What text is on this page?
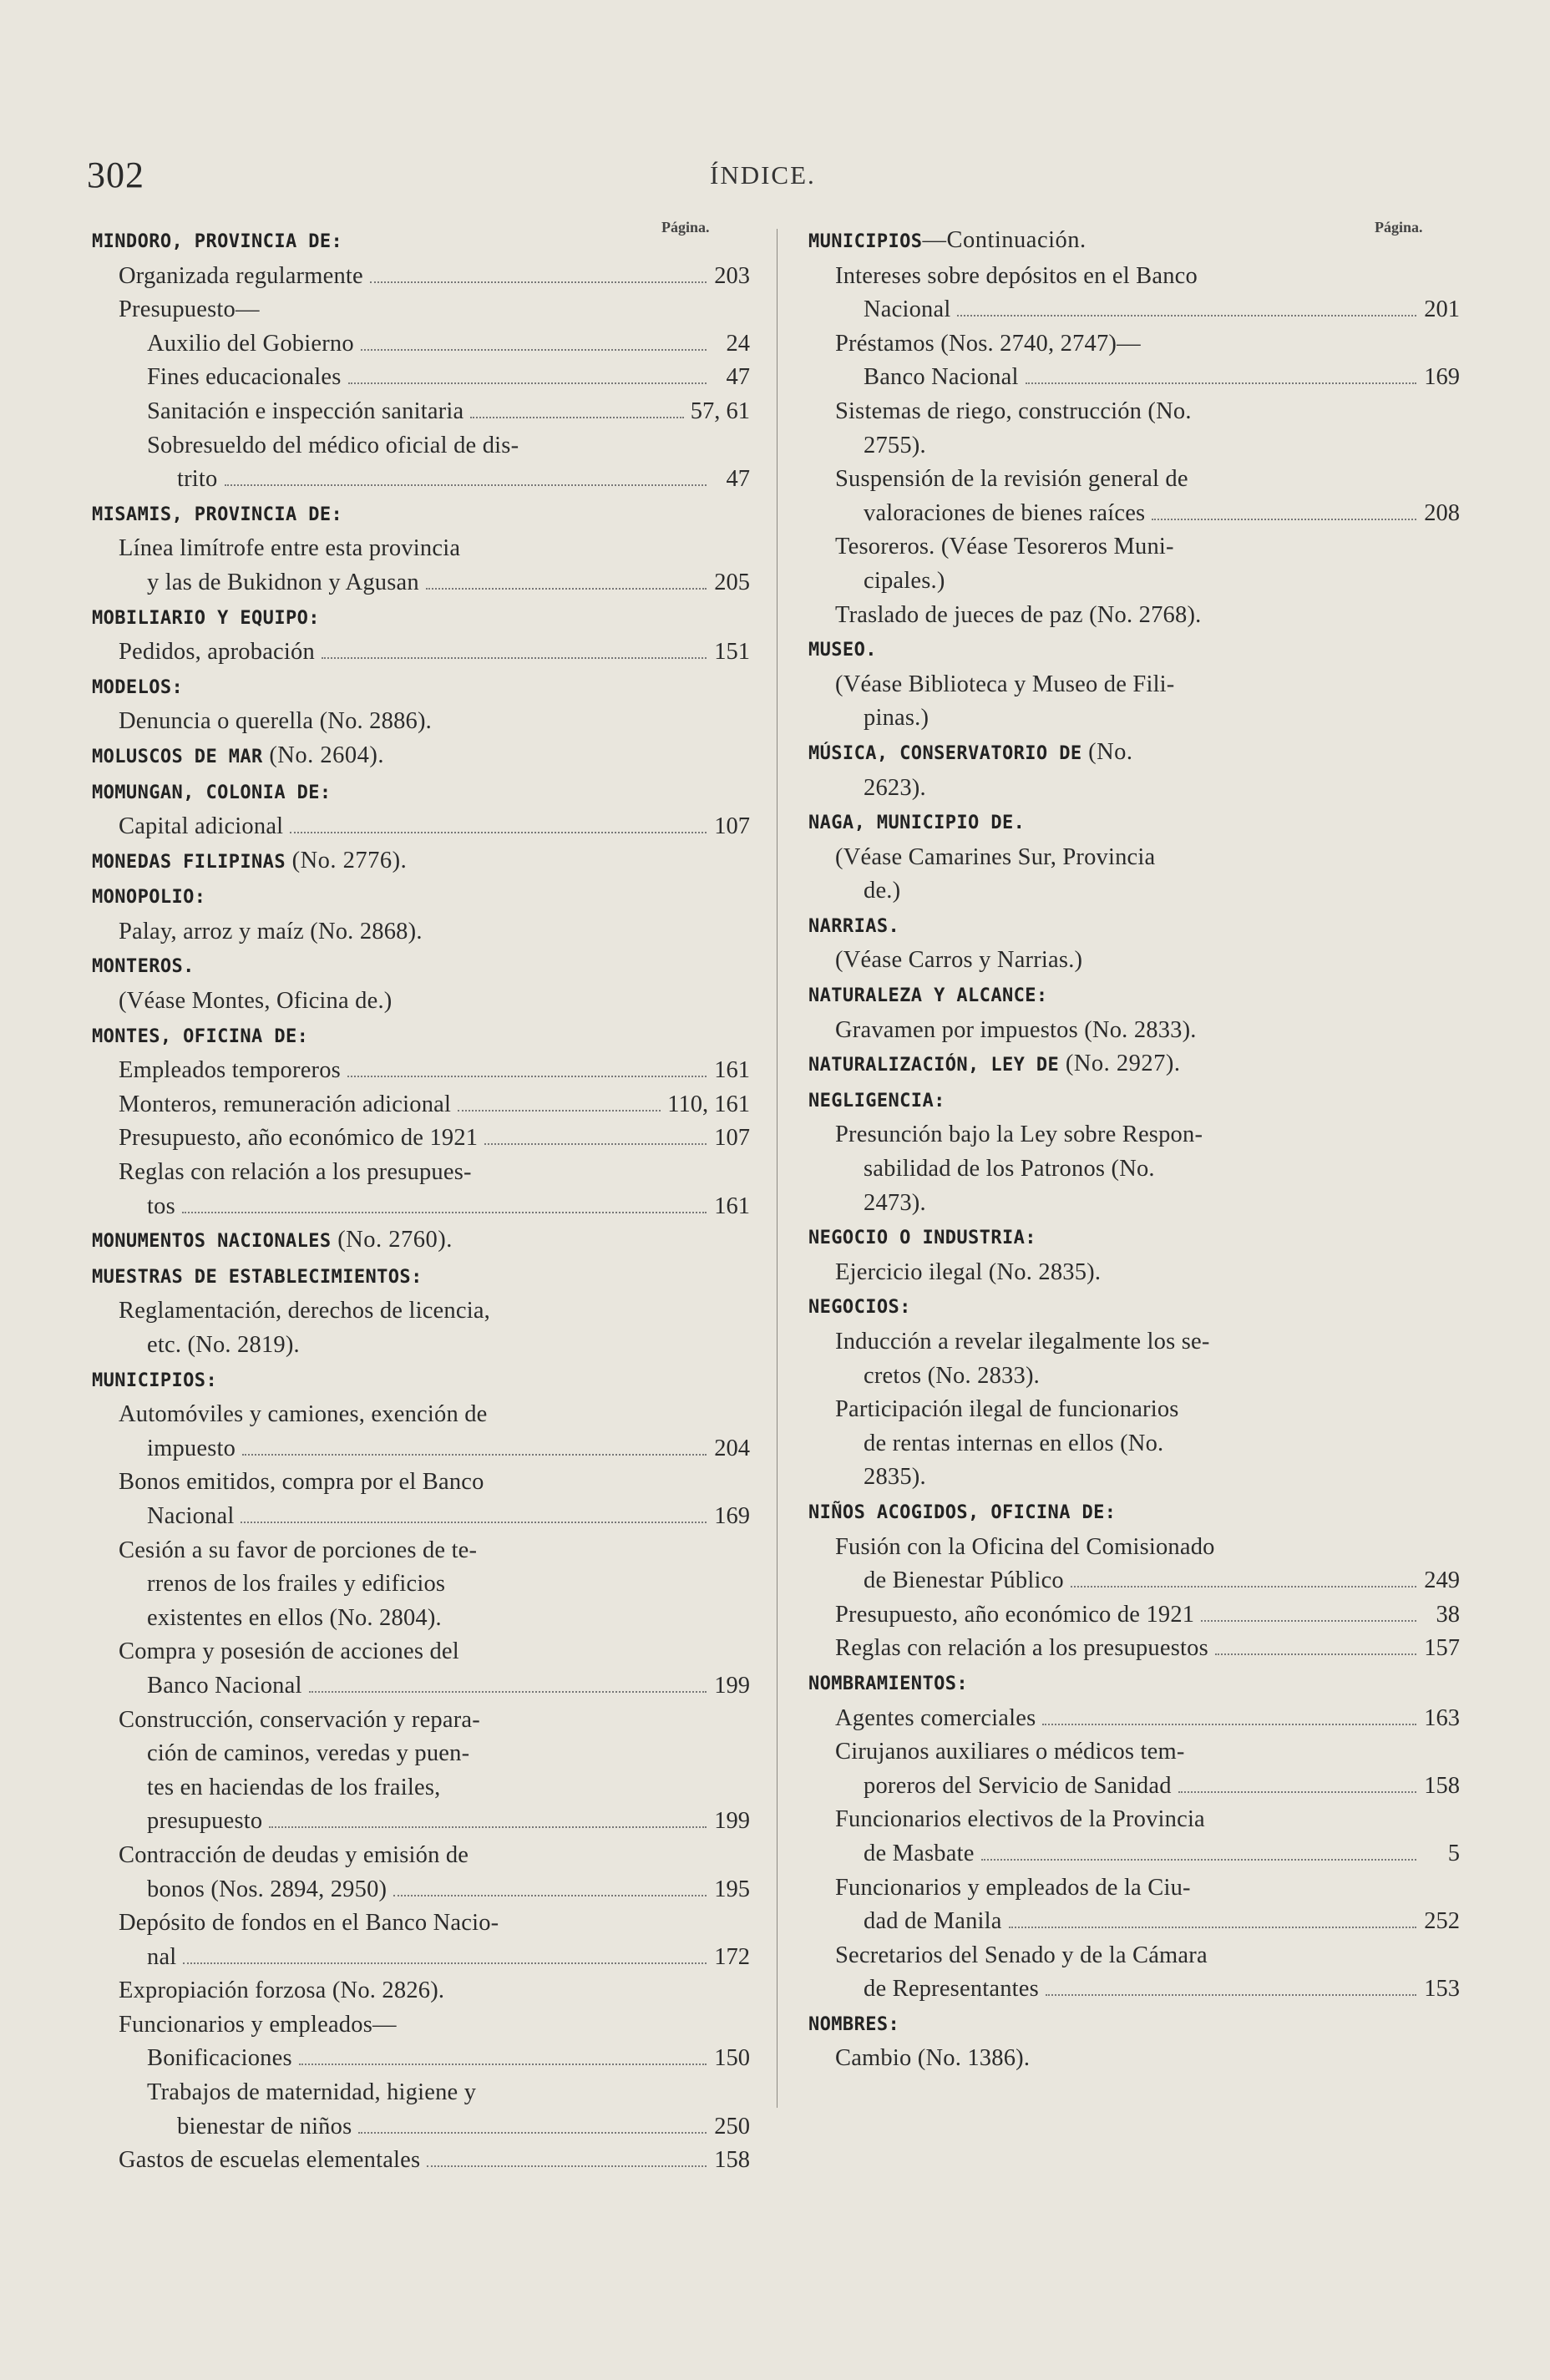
302	ÍNDICE.
Página.	Página.
MINDORO, PROVINCIA DE:
Organizada regularmente	203
Presupuesto—
Auxilio del Gobierno	24
Fines educacionales	47
Sanitación e inspección sanitaria	57, 61
Sobresueldo del médico oficial de dis-
trito	47
MISAMIS, PROVINCIA DE:
Línea limítrofe entre esta provincia
y las de Bukidnon y Agusan	205
MOBILIARIO Y EQUIPO:
Pedidos, aprobación	151
MODELOS:
Denuncia o querella (No. 2886).
MOLUSCOS DE MAR (No. 2604).
MOMUNGAN, COLONIA DE:
Capital adicional	107
MONEDAS FILIPINAS (No. 2776).
MONOPOLIO:
Palay, arroz y maíz (No. 2868).
MONTEROS.
(Véase Montes, Oficina de.)
MONTES, OFICINA DE:
Empleados temporeros	161
Monteros, remuneración adicional	110, 161
Presupuesto, año económico de 1921	107
Reglas con relación a los presupues-
tos	161
MONUMENTOS NACIONALES (No. 2760).
MUESTRAS DE ESTABLECIMIENTOS:
Reglamentación, derechos de licencia,
etc. (No. 2819).
MUNICIPIOS:
Automóviles y camiones, exención de
impuesto	204
Bonos emitidos, compra por el Banco
Nacional	169
Cesión a su favor de porciones de te-
rrenos de los frailes y edificios
existentes en ellos (No. 2804).
Compra y posesión de acciones del
Banco Nacional	199
Construcción, conservación y repara-
ción de caminos, veredas y puen-
tes en haciendas de los frailes,
presupuesto	199
Contracción de deudas y emisión de
bonos (Nos. 2894, 2950)	195
Depósito de fondos en el Banco Nacio-
nal	172
Expropiación forzosa (No. 2826).
Funcionarios y empleados—
Bonificaciones	150
Trabajos de maternidad, higiene y
bienestar de niños	250
Gastos de escuelas elementales	158
MUNICIPIOS—Continuación.
Intereses sobre depósitos en el Banco
Nacional	201
Préstamos (Nos. 2740, 2747)—
Banco Nacional	169
Sistemas de riego, construcción (No.
2755).
Suspensión de la revisión general de
valoraciones de bienes raíces	208
Tesoreros. (Véase Tesoreros Muni-
cipales.)
Traslado de jueces de paz (No. 2768).
MUSEO.
(Véase Biblioteca y Museo de Fili-
pinas.)
MÚSICA, CONSERVATORIO DE (No.
2623).
NAGA, MUNICIPIO DE.
(Véase Camarines Sur, Provincia
de.)
NARRIAS.
(Véase Carros y Narrias.)
NATURALEZA Y ALCANCE:
Gravamen por impuestos (No. 2833).
NATURALIZACIÓN, LEY DE (No. 2927).
NEGLIGENCIA:
Presunción bajo la Ley sobre Respon-
sabilidad de los Patronos (No.
2473).
NEGOCIO O INDUSTRIA:
Ejercicio ilegal (No. 2835).
NEGOCIOS:
Inducción a revelar ilegalmente los se-
cretos (No. 2833).
Participación ilegal de funcionarios
de rentas internas en ellos (No.
2835).
NIÑOS ACOGIDOS, OFICINA DE:
Fusión con la Oficina del Comisionado
de Bienestar Público	249
Presupuesto, año económico de 1921	38
Reglas con relación a los presupuestos	157
NOMBRAMIENTOS:
Agentes comerciales	163
Cirujanos auxiliares o médicos tem-
poreros del Servicio de Sanidad	158
Funcionarios electivos de la Provincia
de Masbate	5
Funcionarios y empleados de la Ciu-
dad de Manila	252
Secretarios del Senado y de la Cámara
de Representantes	153
NOMBRES:
Cambio (No. 1386).
